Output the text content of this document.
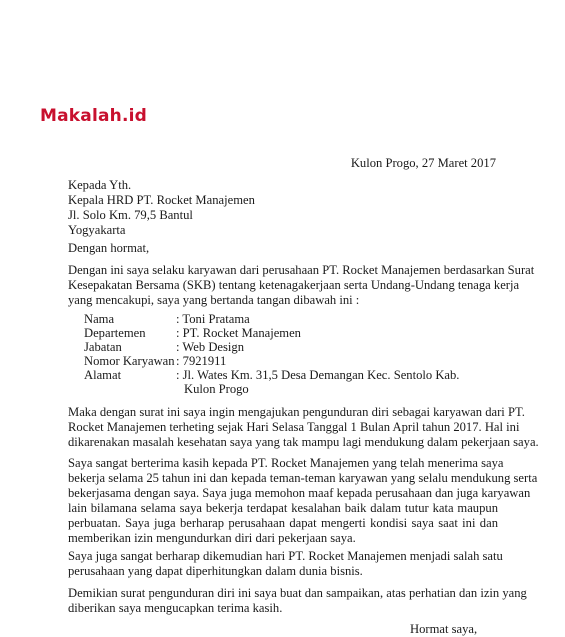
Makalah.id
Kulon Progo, 27 Maret 2017
Kepada Yth.
Kepala HRD PT. Rocket Manajemen
Jl. Solo Km. 79,5 Bantul
Yogyakarta
Dengan hormat,
Dengan ini saya selaku karyawan dari perusahaan PT. Rocket Manajemen berdasarkan Surat
Kesepakatan Bersama (SKB) tentang ketenagakerjaan serta Undang-Undang tenaga kerja
yang mencakupi, saya yang bertanda tangan dibawah ini :
Nama	: Toni Pratama
Departemen : PT. Rocket Manajemen
Jabatan	: Web Design
Nomor Karyawan : 7921911
Alamat	: Jl. Wates Km. 31,5 Desa Demangan Kec. Sentolo Kab.
Kulon Progo
Maka dengan surat ini saya ingin mengajukan pengunduran diri sebagai karyawan dari PT.
Rocket Manajemen terheting sejak Hari Selasa Tanggal 1 Bulan April tahun 2017. Hal ini
dikarenakan masalah kesehatan saya yang tak mampu lagi mendukung dalam pekerjaan saya.
Saya sangat berterima kasih kepada PT. Rocket Manajemen yang telah menerima saya
bekerja selama 25 tahun ini dan kepada teman-teman karyawan yang selalu mendukung serta
bekerjasama dengan saya. Saya juga memohon maaf kepada perusahaan dan juga karyawan
lain bilamana selama saya bekerja terdapat kesalahan baik dalam tutur kata maupun
perbuatan. Saya juga berharap perusahaan dapat mengerti kondisi saya saat ini dan
memberikan izin mengundurkan diri dari pekerjaan saya.
Saya juga sangat berharap dikemudian hari PT. Rocket Manajemen menjadi salah satu
perusahaan yang dapat diperhitungkan dalam dunia bisnis.
Demikian surat pengunduran diri ini saya buat dan sampaikan, atas perhatian dan izin yang
diberikan saya mengucapkan terima kasih.
Hormat saya,
